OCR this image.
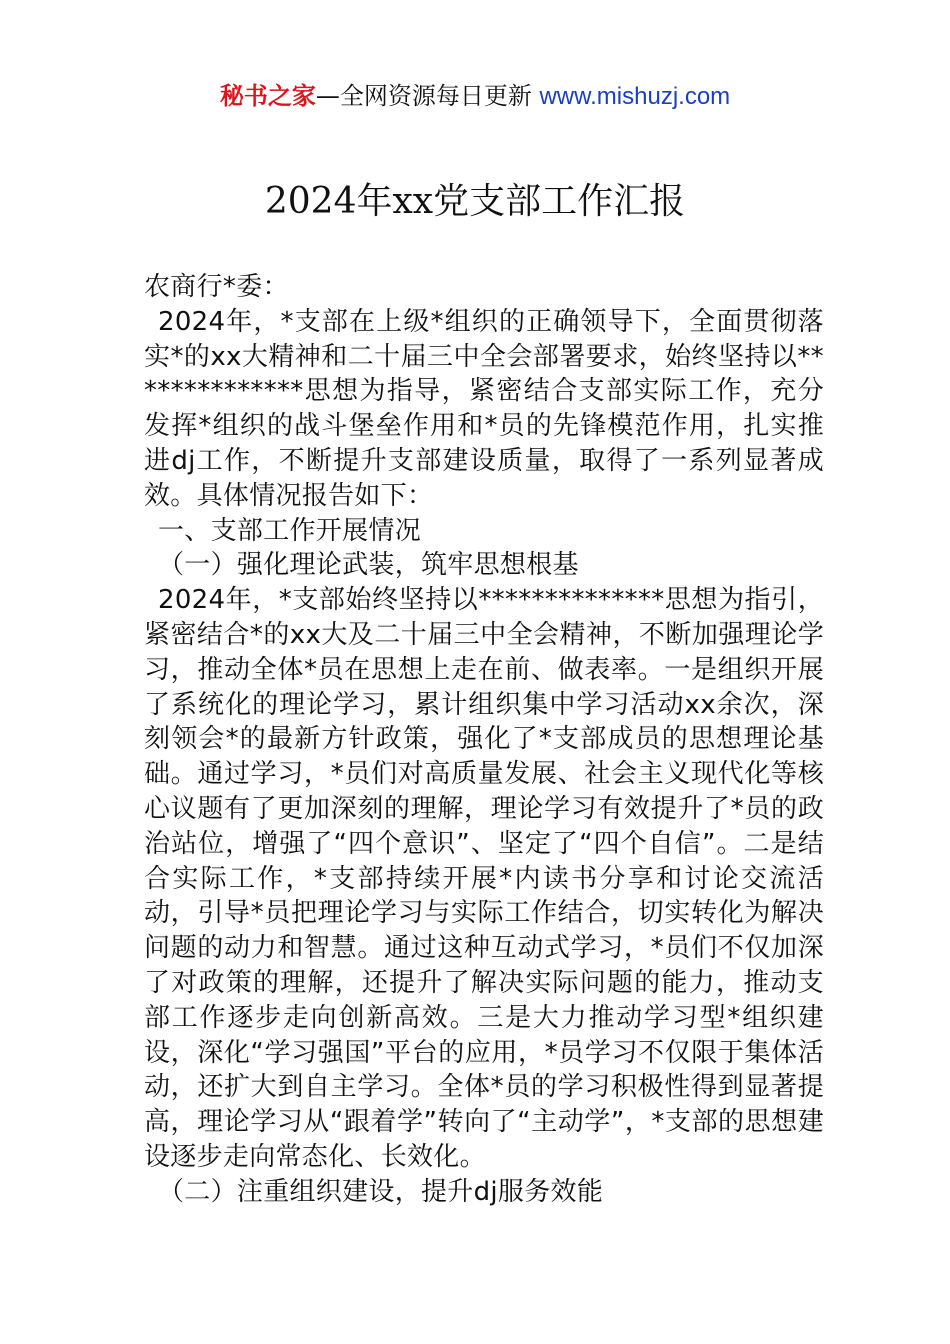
秘书之家—全网资源每日更新 www.mishuzj.com
2024年xx党支部工作汇报

农商行*委：

2024年，*支部在上级*组织的正确领导下，全面贯彻落实*的xx大精神和二十届三中全会部署要求，始终坚持以**************思想为指导，紧密结合支部实际工作，充分发挥*组织的战斗堡垒作用和*员的先锋模范作用，扎实推进dj工作，不断提升支部建设质量，取得了一系列显著成效。具体情况报告如下：

一、支部工作开展情况

（一）强化理论武装，筑牢思想根基

2024年，*支部始终坚持以**************思想为指引，紧密结合*的xx大及二十届三中全会精神，不断加强理论学习，推动全体*员在思想上走在前、做表率。一是组织开展了系统化的理论学习，累计组织集中学习活动xx余次，深刻领会*的最新方针政策，强化了*支部成员的思想理论基础。通过学习，*员们对高质量发展、社会主义现代化等核心议题有了更加深刻的理解，理论学习有效提升了*员的政治站位，增强了“四个意识”、坚定了“四个自信”。二是结合实际工作，*支部持续开展*内读书分享和讨论交流活动，引导*员把理论学习与实际工作结合，切实转化为解决问题的动力和智慧。通过这种互动式学习，*员们不仅加深了对政策的理解，还提升了解决实际问题的能力，推动支部工作逐步走向创新高效。三是大力推动学习型*组织建设，深化“学习强国”平台的应用，*员学习不仅限于集体活动，还扩大到自主学习。全体*员的学习积极性得到显著提高，理论学习从“跟着学”转向了“主动学”，*支部的思想建设逐步走向常态化、长效化。

（二）注重组织建设，提升dj服务效能
